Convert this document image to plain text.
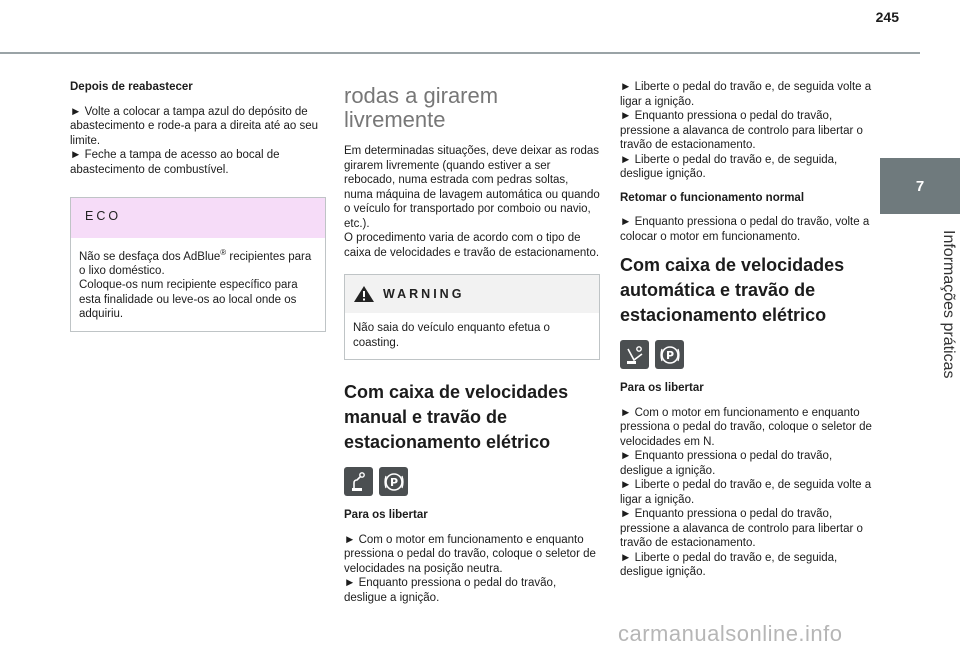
245
7
Informações práticas

Depois de reabastecer

► Volte a colocar a tampa azul do depósito de abastecimento e rode-a para a direita até ao seu limite.
► Feche a tampa de acesso ao bocal de abastecimento de combustível.
ECO
Não se desfaça dos AdBlue® recipientes para o lixo doméstico.
Coloque-os num recipiente específico para esta finalidade ou leve-os ao local onde os adquiriu.
rodas a girarem livremente
Em determinadas situações, deve deixar as rodas girarem livremente (quando estiver a ser rebocado, numa estrada com pedras soltas, numa máquina de lavagem automática ou quando o veículo for transportado por comboio ou navio, etc.).

O procedimento varia de acordo com o tipo de caixa de velocidades e travão de estacionamento.

WARNING
Não saia do veículo enquanto efetua o coasting.
Com caixa de velocidades manual e travão de estacionamento elétrico
P

Para os libertar

► Com o motor em funcionamento e enquanto pressiona o pedal do travão, coloque o seletor de velocidades na posição neutra.
► Enquanto pressiona o pedal do travão, desligue a ignição.
► Liberte o pedal do travão e, de seguida volte a ligar a ignição.
► Enquanto pressiona o pedal do travão, pressione a alavanca de controlo para libertar o travão de estacionamento.
► Liberte o pedal do travão e, de seguida, desligue ignição.

Retomar o funcionamento normal

► Enquanto pressiona o pedal do travão, volte a colocar o motor em funcionamento.

Com caixa de velocidades automática e travão de estacionamento elétrico
P

Para os libertar

► Com o motor em funcionamento e enquanto pressiona o pedal do travão, coloque o seletor de velocidades em N.
► Enquanto pressiona o pedal do travão, desligue a ignição.
► Liberte o pedal do travão e, de seguida volte a ligar a ignição.
► Enquanto pressiona o pedal do travão, pressione a alavanca de controlo para libertar o travão de estacionamento.
► Liberte o pedal do travão e, de seguida, desligue ignição.
carmanualsonline.info
